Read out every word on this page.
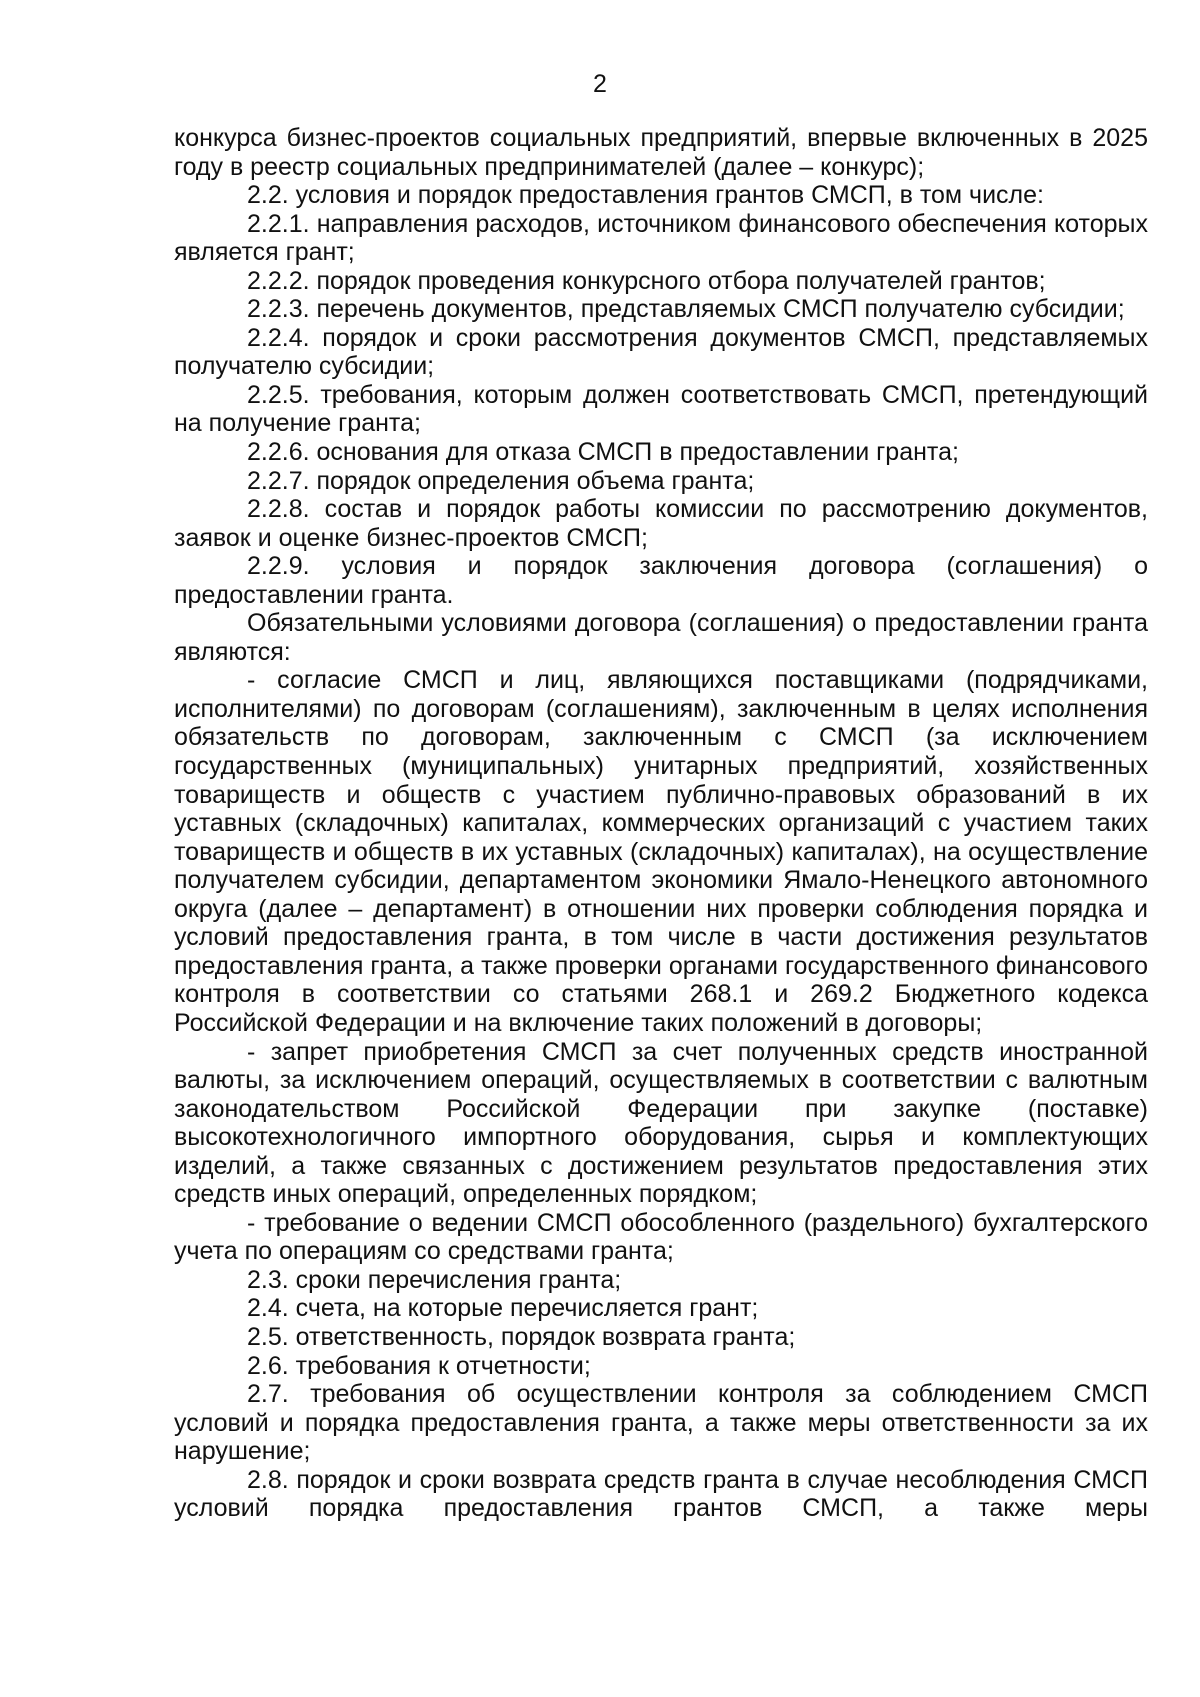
2

конкурса бизнес-проектов социальных предприятий, впервые включенных в 2025 году в реестр социальных предпринимателей (далее – конкурс);

2.2. условия и порядок предоставления грантов СМСП, в том числе:

2.2.1. направления расходов, источником финансового обеспечения которых является грант;

2.2.2. порядок проведения конкурсного отбора получателей грантов;

2.2.3. перечень документов, представляемых СМСП получателю субсидии;

2.2.4. порядок и сроки рассмотрения документов СМСП, представляемых получателю субсидии;

2.2.5. требования, которым должен соответствовать СМСП, претендующий на получение гранта;

2.2.6. основания для отказа СМСП в предоставлении гранта;

2.2.7. порядок определения объема гранта;

2.2.8. состав и порядок работы комиссии по рассмотрению документов, заявок и оценке бизнес-проектов СМСП;

2.2.9. условия и порядок заключения договора (соглашения) о предоставлении гранта.

Обязательными условиями договора (соглашения) о предоставлении гранта являются:

- согласие СМСП и лиц, являющихся поставщиками (подрядчиками, исполнителями) по договорам (соглашениям), заключенным в целях исполнения обязательств по договорам, заключенным с СМСП (за исключением государственных (муниципальных) унитарных предприятий, хозяйственных товариществ и обществ с участием публично-правовых образований в их уставных (складочных) капиталах, коммерческих организаций с участием таких товариществ и обществ в их уставных (складочных) капиталах), на осуществление получателем субсидии, департаментом экономики Ямало-Ненецкого автономного округа (далее – департамент) в отношении них проверки соблюдения порядка и условий предоставления гранта, в том числе в части достижения результатов предоставления гранта, а также проверки органами государственного финансового контроля в соответствии со статьями 268.1 и 269.2 Бюджетного кодекса Российской Федерации и на включение таких положений в договоры;

- запрет приобретения СМСП за счет полученных средств иностранной валюты, за исключением операций, осуществляемых в соответствии с валютным законодательством Российской Федерации при закупке (поставке) высокотехнологичного импортного оборудования, сырья и комплектующих изделий, а также связанных с достижением результатов предоставления этих средств иных операций, определенных порядком;

- требование о ведении СМСП обособленного (раздельного) бухгалтерского учета по операциям со средствами гранта;

2.3. сроки перечисления гранта;

2.4. счета, на которые перечисляется грант;

2.5. ответственность, порядок возврата гранта;

2.6. требования к отчетности;

2.7. требования об осуществлении контроля за соблюдением СМСП условий и порядка предоставления гранта, а также меры ответственности за их нарушение;

2.8. порядок и сроки возврата средств гранта в случае несоблюдения СМСП условий порядка предоставления грантов СМСП, а также меры
